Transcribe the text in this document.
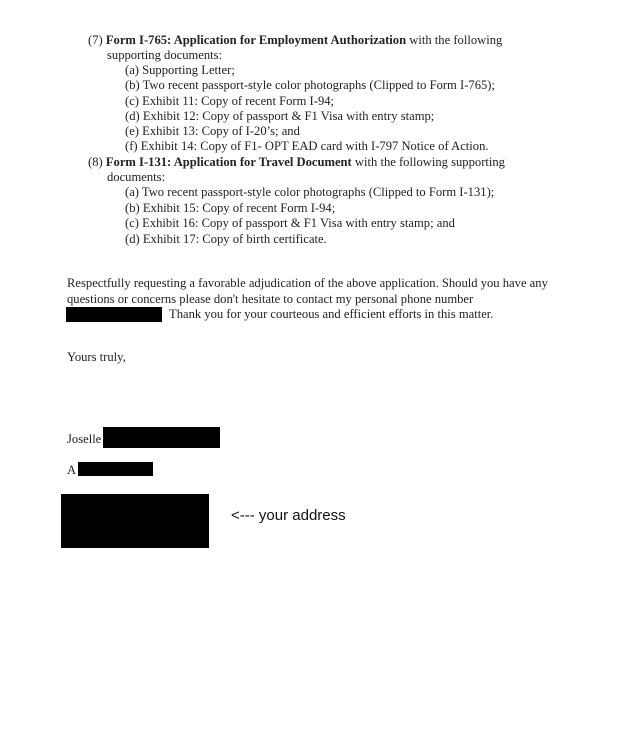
(7) Form I-765: Application for Employment Authorization with the following
supporting documents:
(a) Supporting Letter;
(b) Two recent passport-style color photographs (Clipped to Form I-765);
(c) Exhibit 11: Copy of recent Form I-94;
(d) Exhibit 12: Copy of passport & F1 Visa with entry stamp;
(e) Exhibit 13: Copy of I-20’s; and
(f) Exhibit 14: Copy of F1- OPT EAD card with I-797 Notice of Action.
(8) Form I-131: Application for Travel Document with the following supporting
documents:
(a) Two recent passport-style color photographs (Clipped to Form I-131);
(b) Exhibit 15: Copy of recent Form I-94;
(c) Exhibit 16: Copy of passport & F1 Visa with entry stamp; and
(d) Exhibit 17: Copy of birth certificate.
Respectfully requesting a favorable adjudication of the above application. Should you have any
questions or concerns please don't hesitate to contact my personal phone number
Thank you for your courteous and efficient efforts in this matter.
Yours truly,
Joselle
A
<--- your address
